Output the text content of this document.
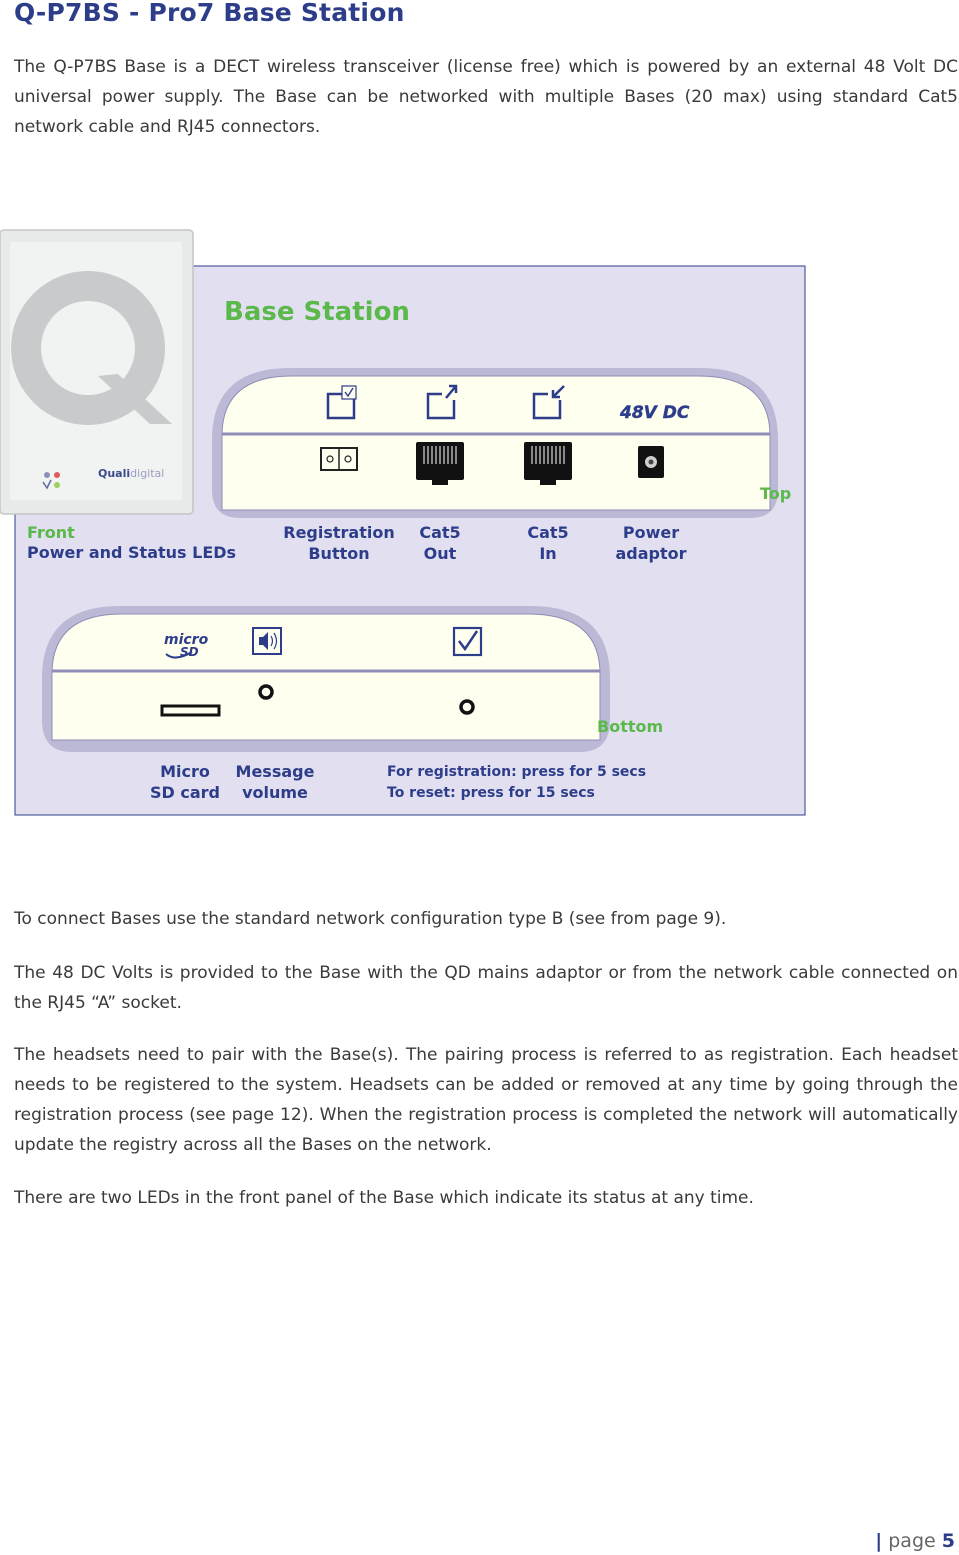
Q-P7BS - Pro7 Base Station

The Q-P7BS Base is a DECT wireless transceiver (license free) which is powered by an external 48 Volt DC universal power supply. The Base can be networked with multiple Bases (20 max) using standard Cat5 network cable and RJ45 connectors.

Base Station
48V DC
Top
Qualidigital
Front
Power and Status LEDs
Registration
Button
Cat5
Out
Cat5
In
Power
adaptor
micro
SD
Bottom
Micro
SD card
Message
volume
For registration: press for 5 secs
To reset: press for 15 secs

To connect Bases use the standard network configuration type B (see from page 9).

The 48 DC Volts is provided to the Base with the QD mains adaptor or from the network cable connected on the RJ45 “A” socket.

The headsets need to pair with the Base(s). The pairing process is referred to as registration. Each headset needs to be registered to the system. Headsets can be added or removed at any time by going through the registration process (see page 12). When the registration process is completed the network will automatically update the registry across all the Bases on the network.

There are two LEDs in the front panel of the Base which indicate its status at any time.

| page 5
